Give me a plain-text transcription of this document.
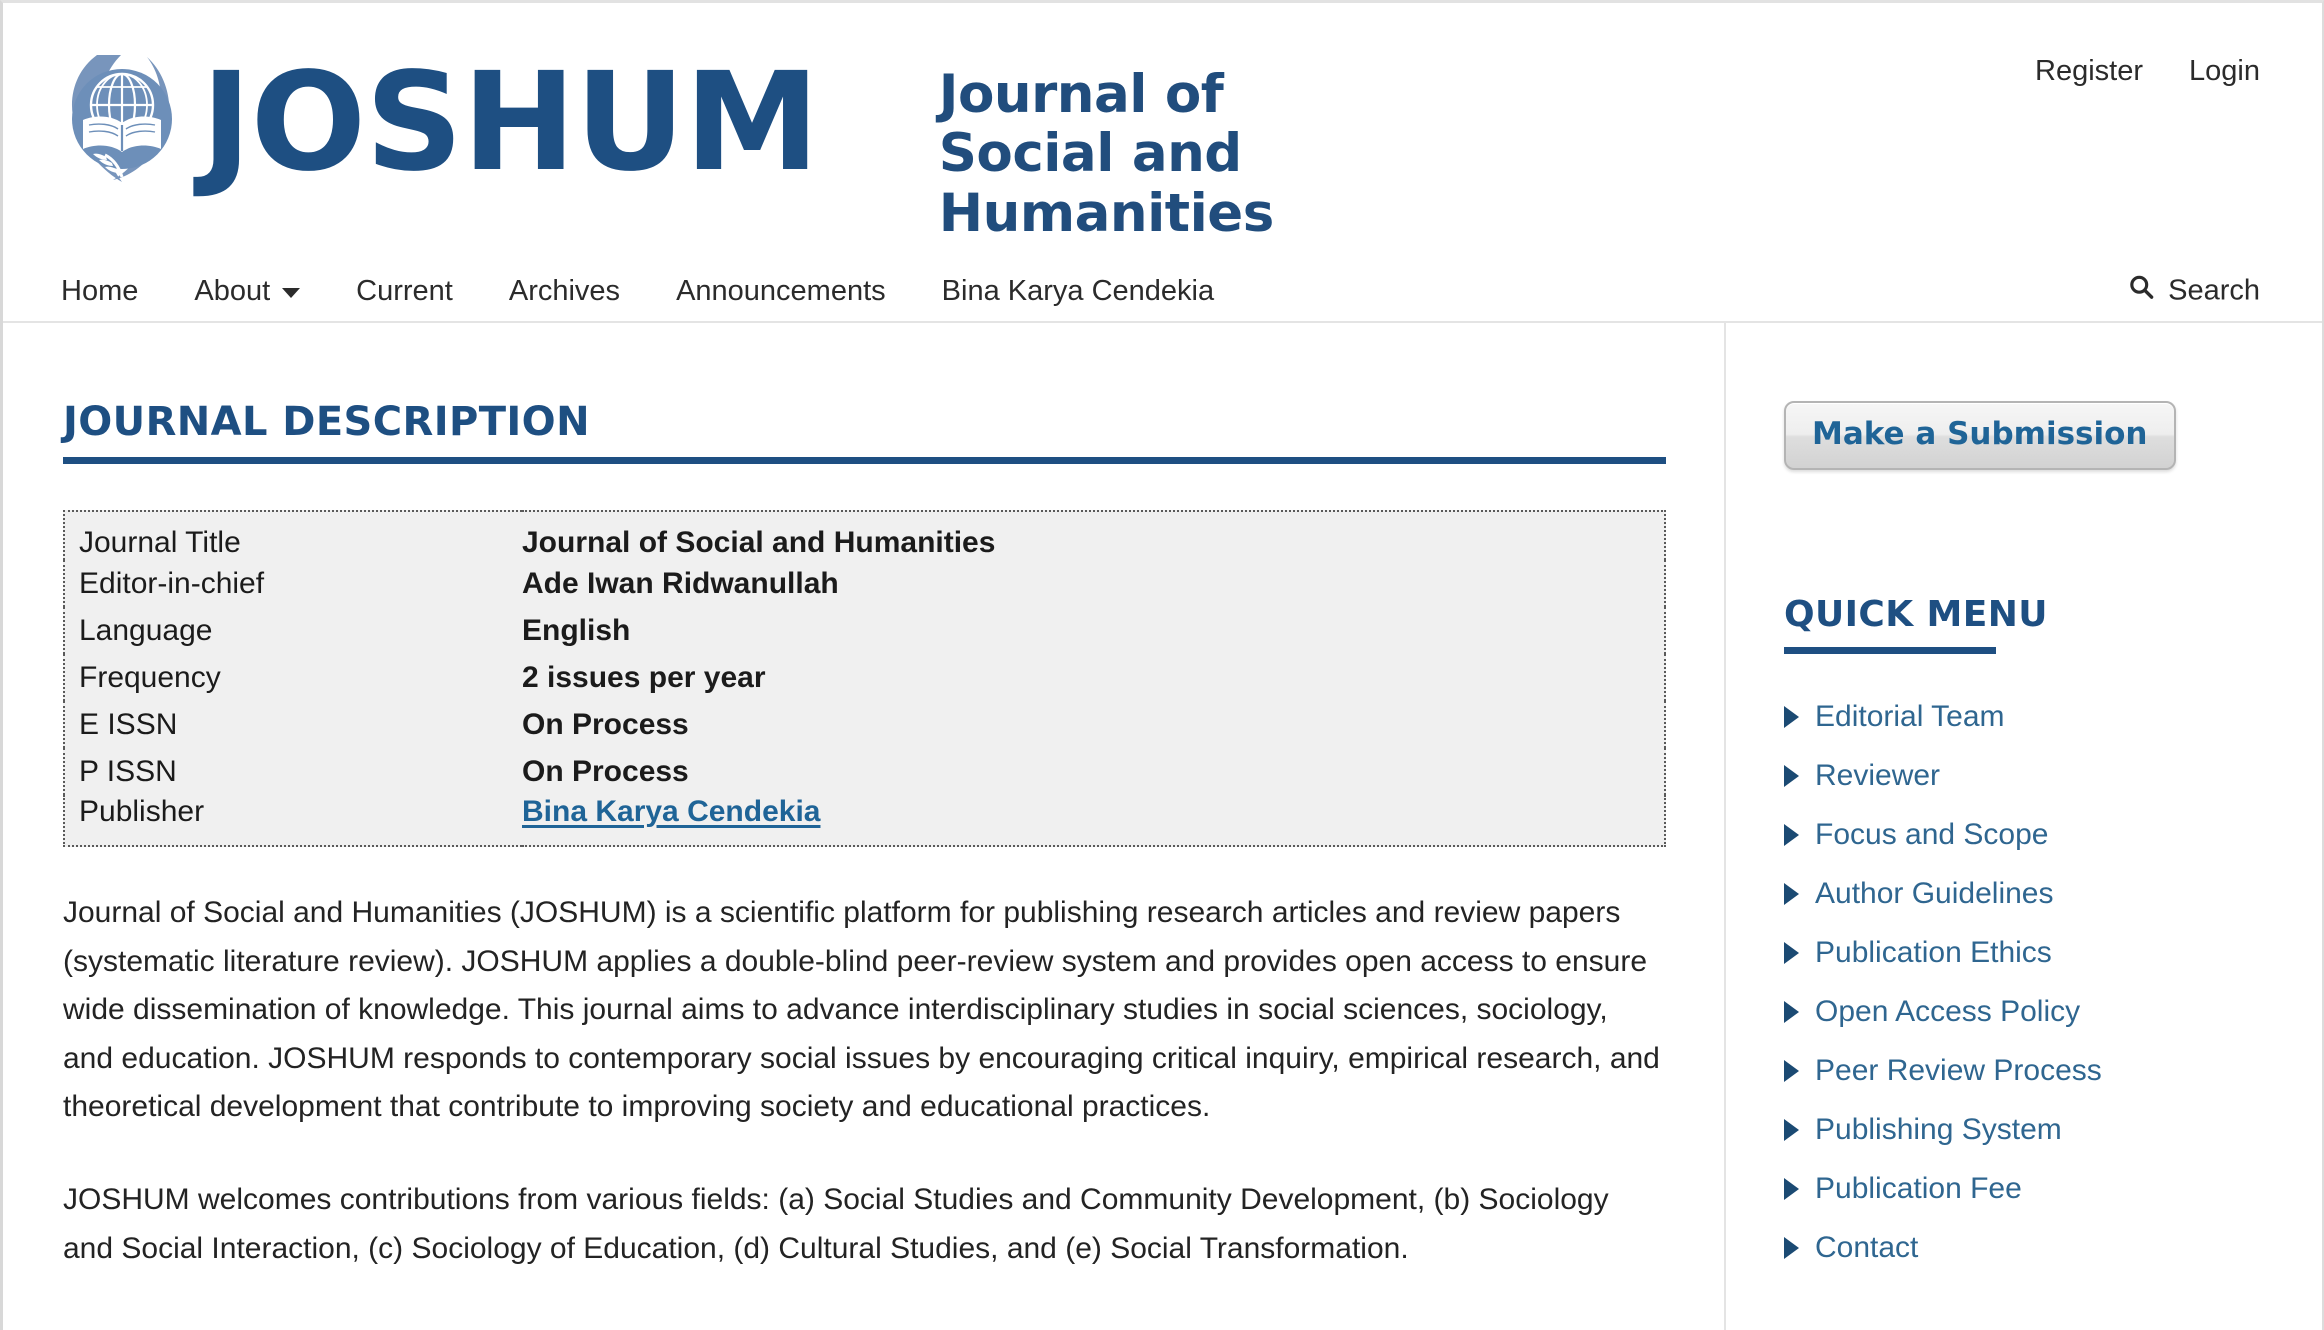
Register Login
JOSHUM Journal of
Social and
Humanities
Home About	Current Archives Announcements Bina Karya Cendekia	Search
JOURNAL DESCRIPTION
Journal Title	Journal of Social and Humanities
Editor-in-chief	Ade Iwan Ridwanullah
Language	English
Frequency	2 issues per year
E ISSN	On Process
P ISSN	On Process
Publisher	Bina Karya Cendekia

Journal of Social and Humanities (JOSHUM) is a scientific platform for publishing research articles and review papers (systematic literature review). JOSHUM applies a double-blind peer-review system and provides open access to ensure wide dissemination of knowledge. This journal aims to advance interdisciplinary studies in social sciences, sociology, and education. JOSHUM responds to contemporary social issues by encouraging critical inquiry, empirical research, and theoretical development that contribute to improving society and educational practices.

JOSHUM welcomes contributions from various fields: (a) Social Studies and Community Development, (b) Sociology and Social Interaction, (c) Sociology of Education, (d) Cultural Studies, and (e) Social Transformation.

Make a Submission
QUICK MENU
Editorial Team
Reviewer
Focus and Scope
Author Guidelines
Publication Ethics
Open Access Policy
Peer Review Process
Publishing System
Publication Fee
Contact
